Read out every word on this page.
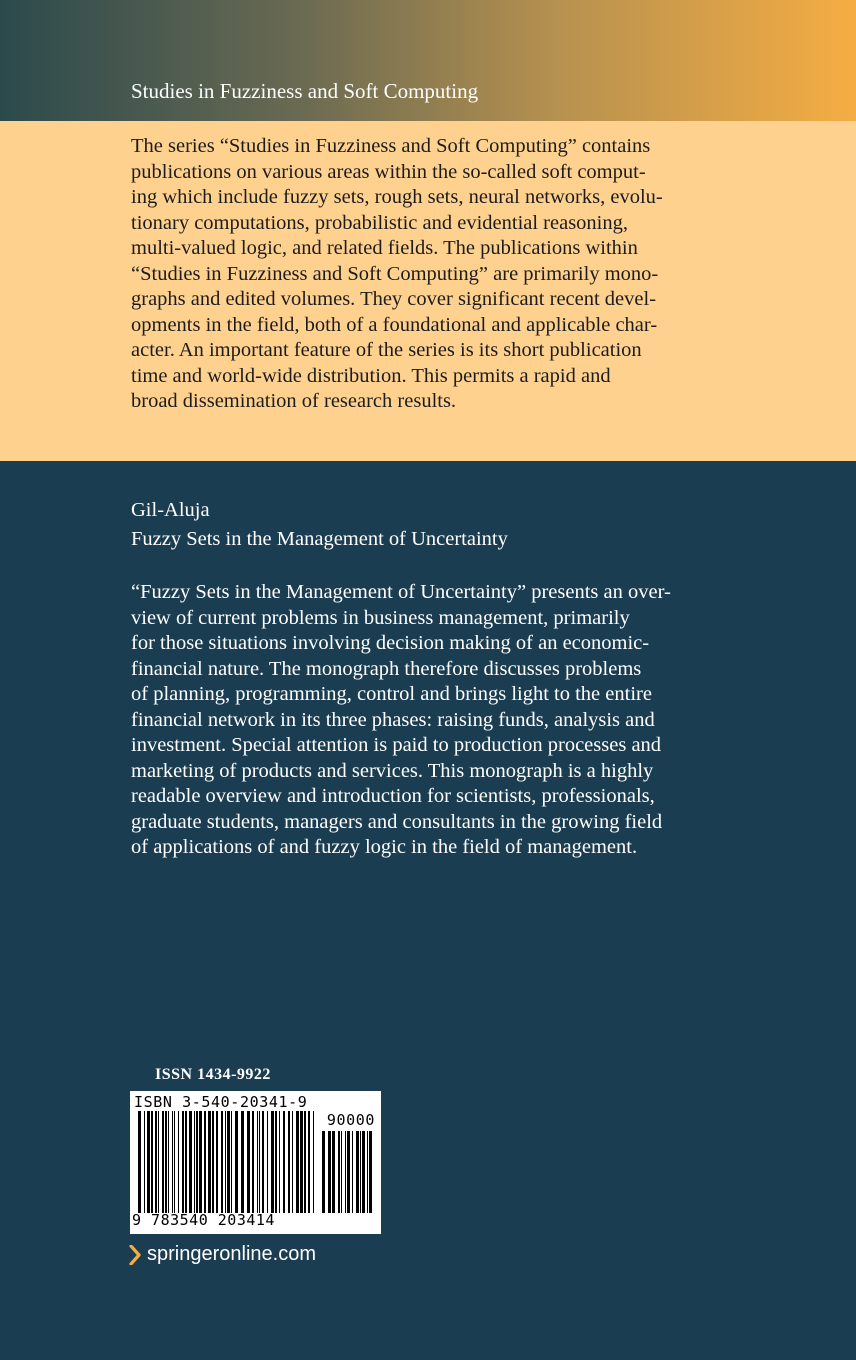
Studies in Fuzziness and Soft Computing
The series “Studies in Fuzziness and Soft Computing” contains
publications on various areas within the so-called soft comput-
ing which include fuzzy sets, rough sets, neural networks, evolu-
tionary computations, probabilistic and evidential reasoning,
multi-valued logic, and related fields. The publications within
“Studies in Fuzziness and Soft Computing” are primarily mono-
graphs and edited volumes. They cover significant recent devel-
opments in the field, both of a foundational and applicable char-
acter. An important feature of the series is its short publication
time and world-wide distribution. This permits a rapid and
broad dissemination of research results.
Gil-Aluja
Fuzzy Sets in the Management of Uncertainty
“Fuzzy Sets in the Management of Uncertainty” presents an over-
view of current problems in business management, primarily
for those situations involving decision making of an economic-
financial nature. The monograph therefore discusses problems
of planning, programming, control and brings light to the entire
financial network in its three phases: raising funds, analysis and
investment. Special attention is paid to production processes and
marketing of products and services. This monograph is a highly
readable overview and introduction for scientists, professionals,
graduate students, managers and consultants in the growing field
of applications of and fuzzy logic in the field of management.
ISSN 1434-9922
ISBN 3-540-20341-9
90000
9 783540 203414
springeronline.com
